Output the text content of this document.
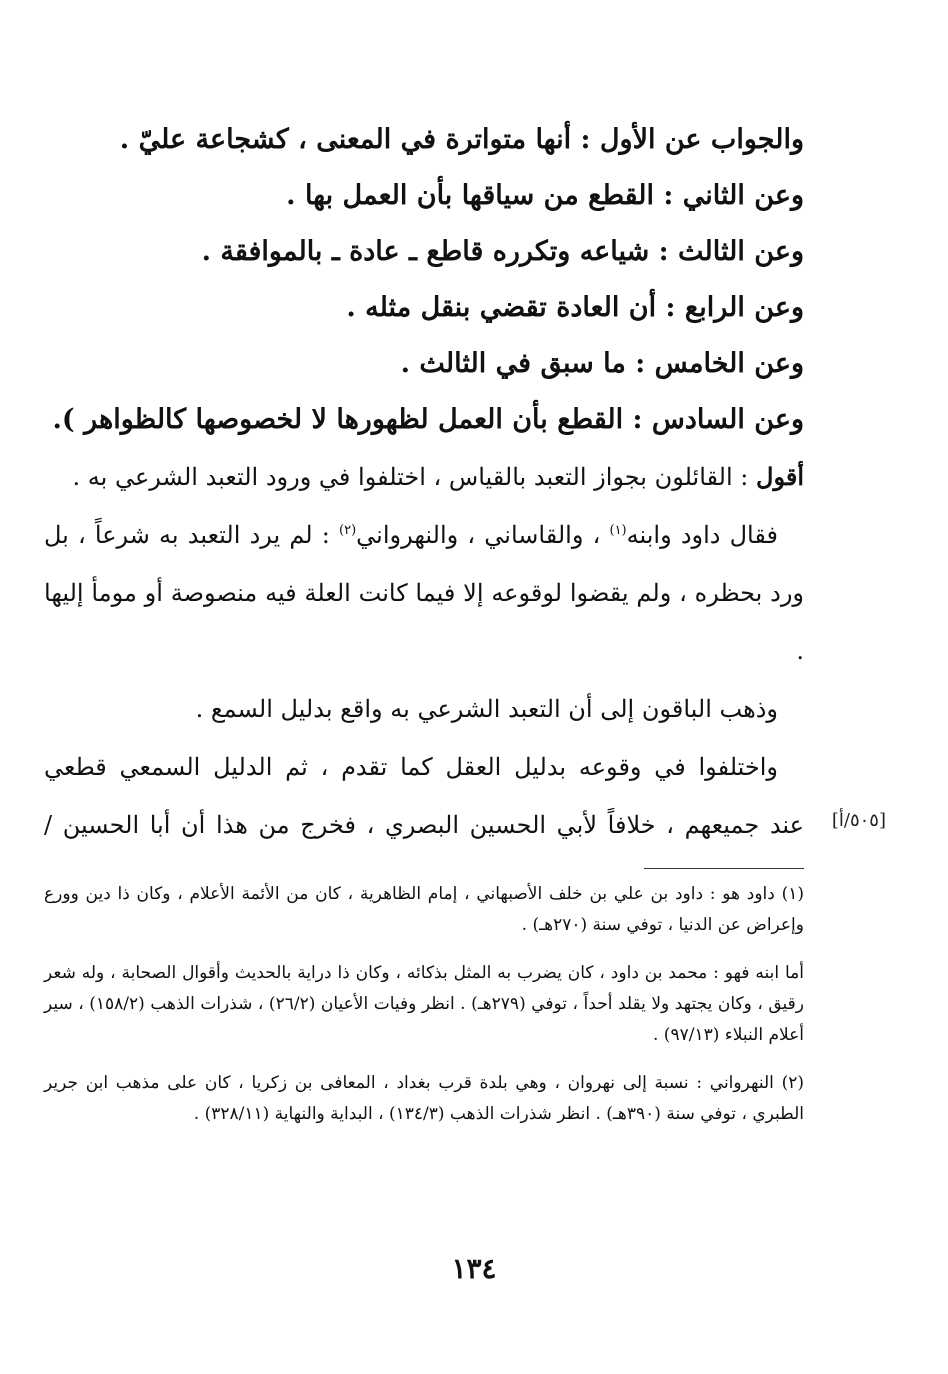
والجواب عن الأول : أنها متواترة في المعنى ، كشجاعة عليّ .
وعن الثاني : القطع من سياقها بأن العمل بها .
وعن الثالث : شياعه وتكرره قاطع ـ عادة ـ بالموافقة .
وعن الرابع : أن العادة تقضي بنقل مثله .
وعن الخامس : ما سبق في الثالث .
وعن السادس : القطع بأن العمل لظهورها لا لخصوصها كالظواهر ).

أقول : القائلون بجواز التعبد بالقياس ، اختلفوا في ورود التعبد الشرعي به .

فقال داود وابنه$^{(١)}$ ، والقاساني ، والنهرواني$^{(٢)}$ : لم يرد التعبد به شرعاً ، بل ورد بحظره ، ولم يقضوا لوقوعه إلا فيما كانت العلة فيه منصوصة أو مومأ إليها .

وذهب الباقون إلى أن التعبد الشرعي به واقع بدليل السمع .

واختلفوا في وقوعه بدليل العقل كما تقدم ، ثم الدليل السمعي قطعي

[٥٠٥/أ]

عند جميعهم ، خلافاً لأبي الحسين البصري ، فخرج من هذا أن أبا الحسين /

(١) داود هو : داود بن علي بن خلف الأصبهاني ، إمام الظاهرية ، كان من الأئمة الأعلام ، وكان ذا دين وورع وإعراض عن الدنيا ، توفي سنة (٢٧٠هـ) .

أما ابنه فهو : محمد بن داود ، كان يضرب به المثل بذكائه ، وكان ذا دراية بالحديث وأقوال الصحابة ، وله شعر رقيق ، وكان يجتهد ولا يقلد أحداً ، توفي (٢٧٩هـ) . انظر وفيات الأعيان (٢٦/٢) ، شذرات الذهب (١٥٨/٢) ، سير أعلام النبلاء (٩٧/١٣) .

(٢) النهرواني : نسبة إلى نهروان ، وهي بلدة قرب بغداد ، المعافى بن زكريا ، كان على مذهب ابن جرير الطبري ، توفي سنة (٣٩٠هـ) . انظر شذرات الذهب (١٣٤/٣) ، البداية والنهاية (٣٢٨/١١) .

١٣٤
